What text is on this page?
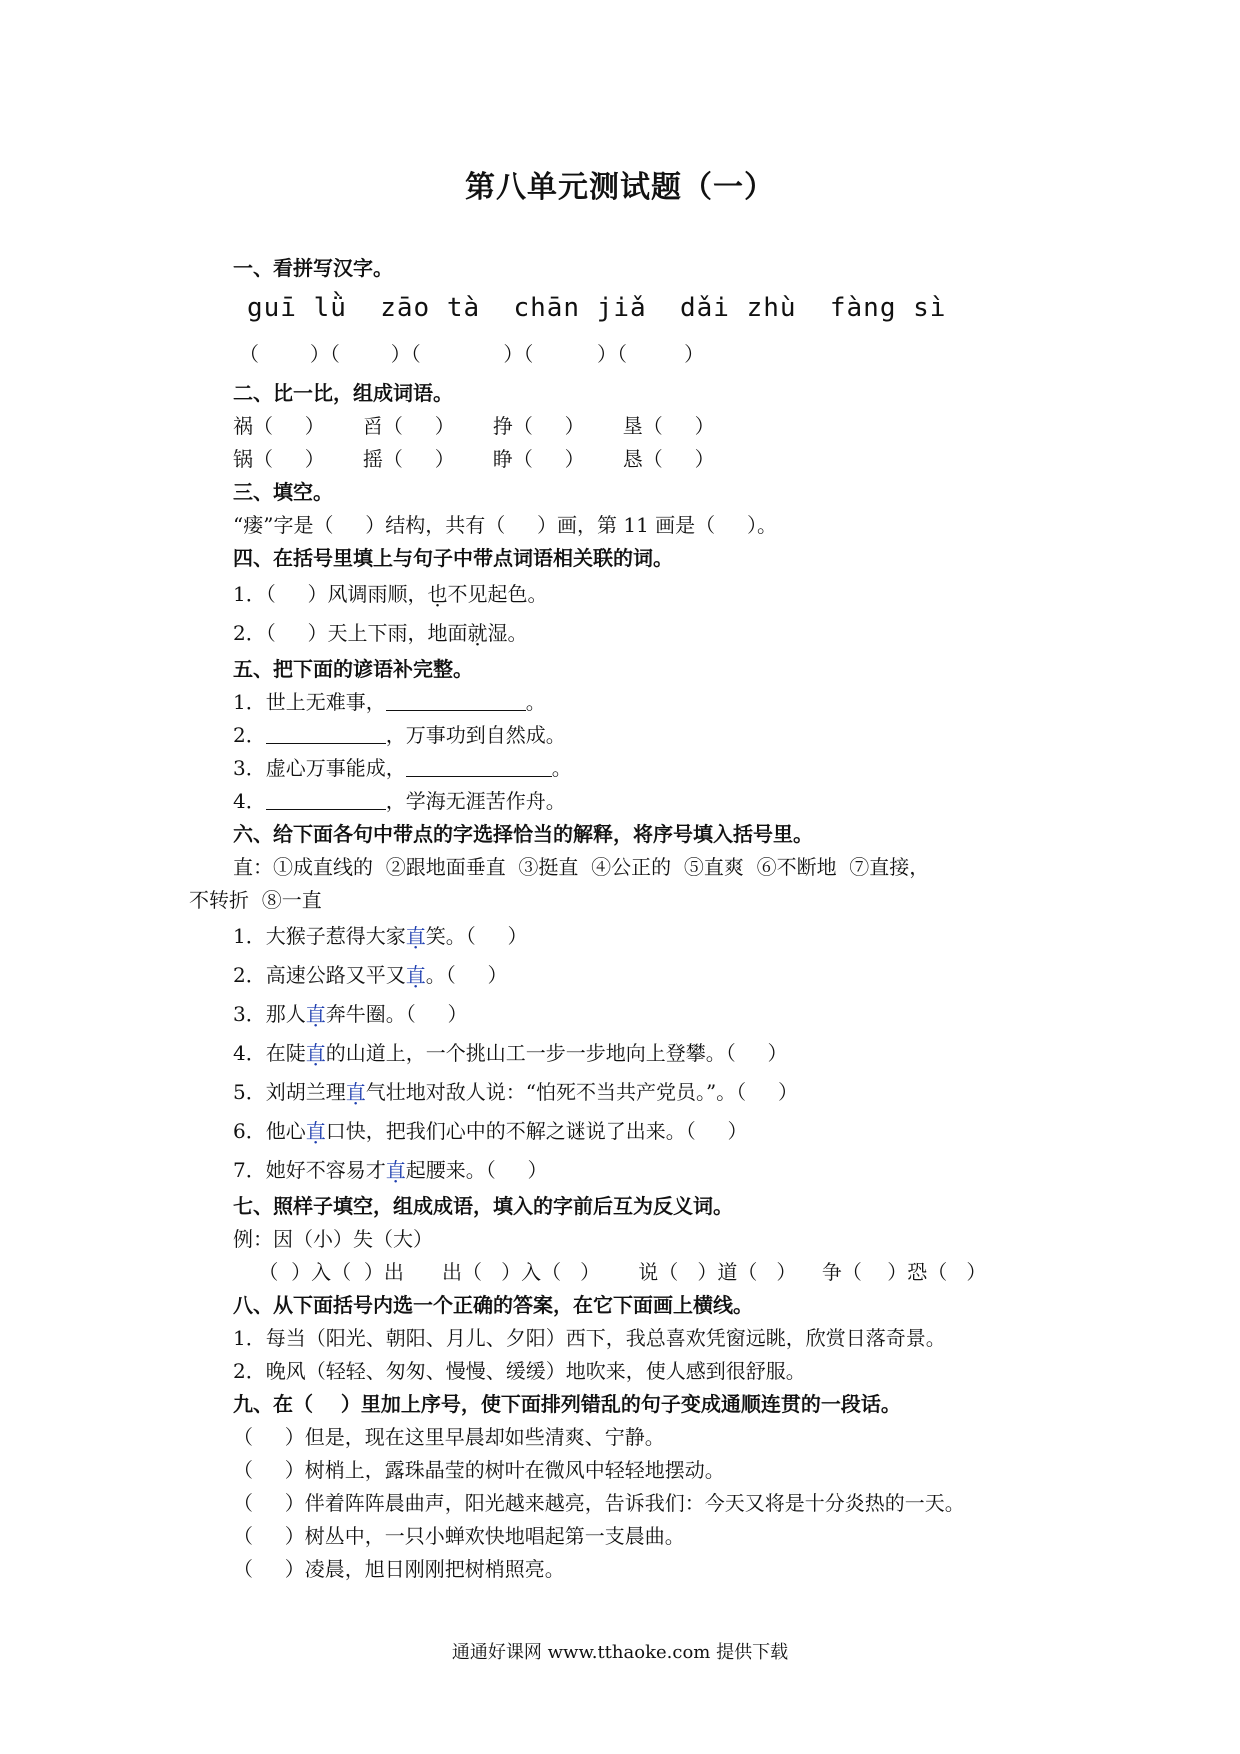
第八单元测试题（一）
一、看拼写汉字。
guī lǜ  zāo tà  chān jiǎ  dǎi zhù  fàng sì
（        ）（        ）（             ）（          ）（         ）
二、比一比，组成词语。
祸（     ）      舀（     ）      挣（     ）      垦（     ）
锅（     ）      摇（     ）      睁（     ）      恳（     ）
三、填空。
“瘘”字是（     ）结构，共有（     ）画，第 11 画是（     ）。
四、在括号里填上与句子中带点词语相关联的词。
1．（     ）风调雨顺，也不见起色。
2．（     ）天上下雨，地面就湿。
五、把下面的谚语补完整。
1．世上无难事，	。
2．	，万事功到自然成。
3．虚心万事能成，	。
4．	，学海无涯苦作舟。
六、给下面各句中带点的字选择恰当的解释，将序号填入括号里。
直：①成直线的  ②跟地面垂直  ③挺直  ④公正的  ⑤直爽  ⑥不断地  ⑦直接，
不转折  ⑧一直
1．大猴子惹得大家直笑。（     ）
2．高速公路又平又直。（     ）
3．那人直奔牛圈。（     ）
4．在陡直的山道上，一个挑山工一步一步地向上登攀。（     ）
5．刘胡兰理直气壮地对敌人说：“怕死不当共产党员。”。（     ）
6．他心直口快，把我们心中的不解之谜说了出来。（     ）
7．她好不容易才直起腰来。（     ）
七、照样子填空，组成成语，填入的字前后互为反义词。
例：因（小）失（大）
（  ）入（  ）出      出（   ）入（   ）      说（   ）道（   ）    争（    ）恐（   ）
八、从下面括号内选一个正确的答案，在它下面画上横线。
1．每当（阳光、朝阳、月儿、夕阳）西下，我总喜欢凭窗远眺，欣赏日落奇景。
2．晚风（轻轻、匆匆、慢慢、缓缓）地吹来，使人感到很舒服。
九、在（    ）里加上序号，使下面排列错乱的句子变成通顺连贯的一段话。
（     ）但是，现在这里早晨却如些清爽、宁静。
（     ）树梢上，露珠晶莹的树叶在微风中轻轻地摆动。
（     ）伴着阵阵晨曲声，阳光越来越亮，告诉我们：今天又将是十分炎热的一天。
（     ）树丛中，一只小蝉欢快地唱起第一支晨曲。
（     ）凌晨，旭日刚刚把树梢照亮。
通通好课网 www.tthaoke.com 提供下载
